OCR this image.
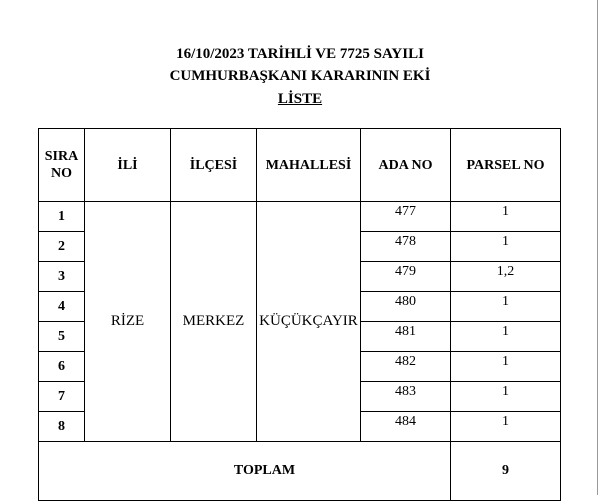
16/10/2023 TARİHLİ VE 7725 SAYILI
CUMHURBAŞKANI KARARININ EKİ
LİSTE
SIRA NO	İLİ	İLÇESİ	MAHALLESİ	ADA NO	PARSEL NO
1	RİZE	MERKEZ	KÜÇÜKÇAYIR	477	1
2				478	1
3				479	1,2
4				480	1
5				481	1
6				482	1
7				483	1
8				484	1
TOPLAM					9
